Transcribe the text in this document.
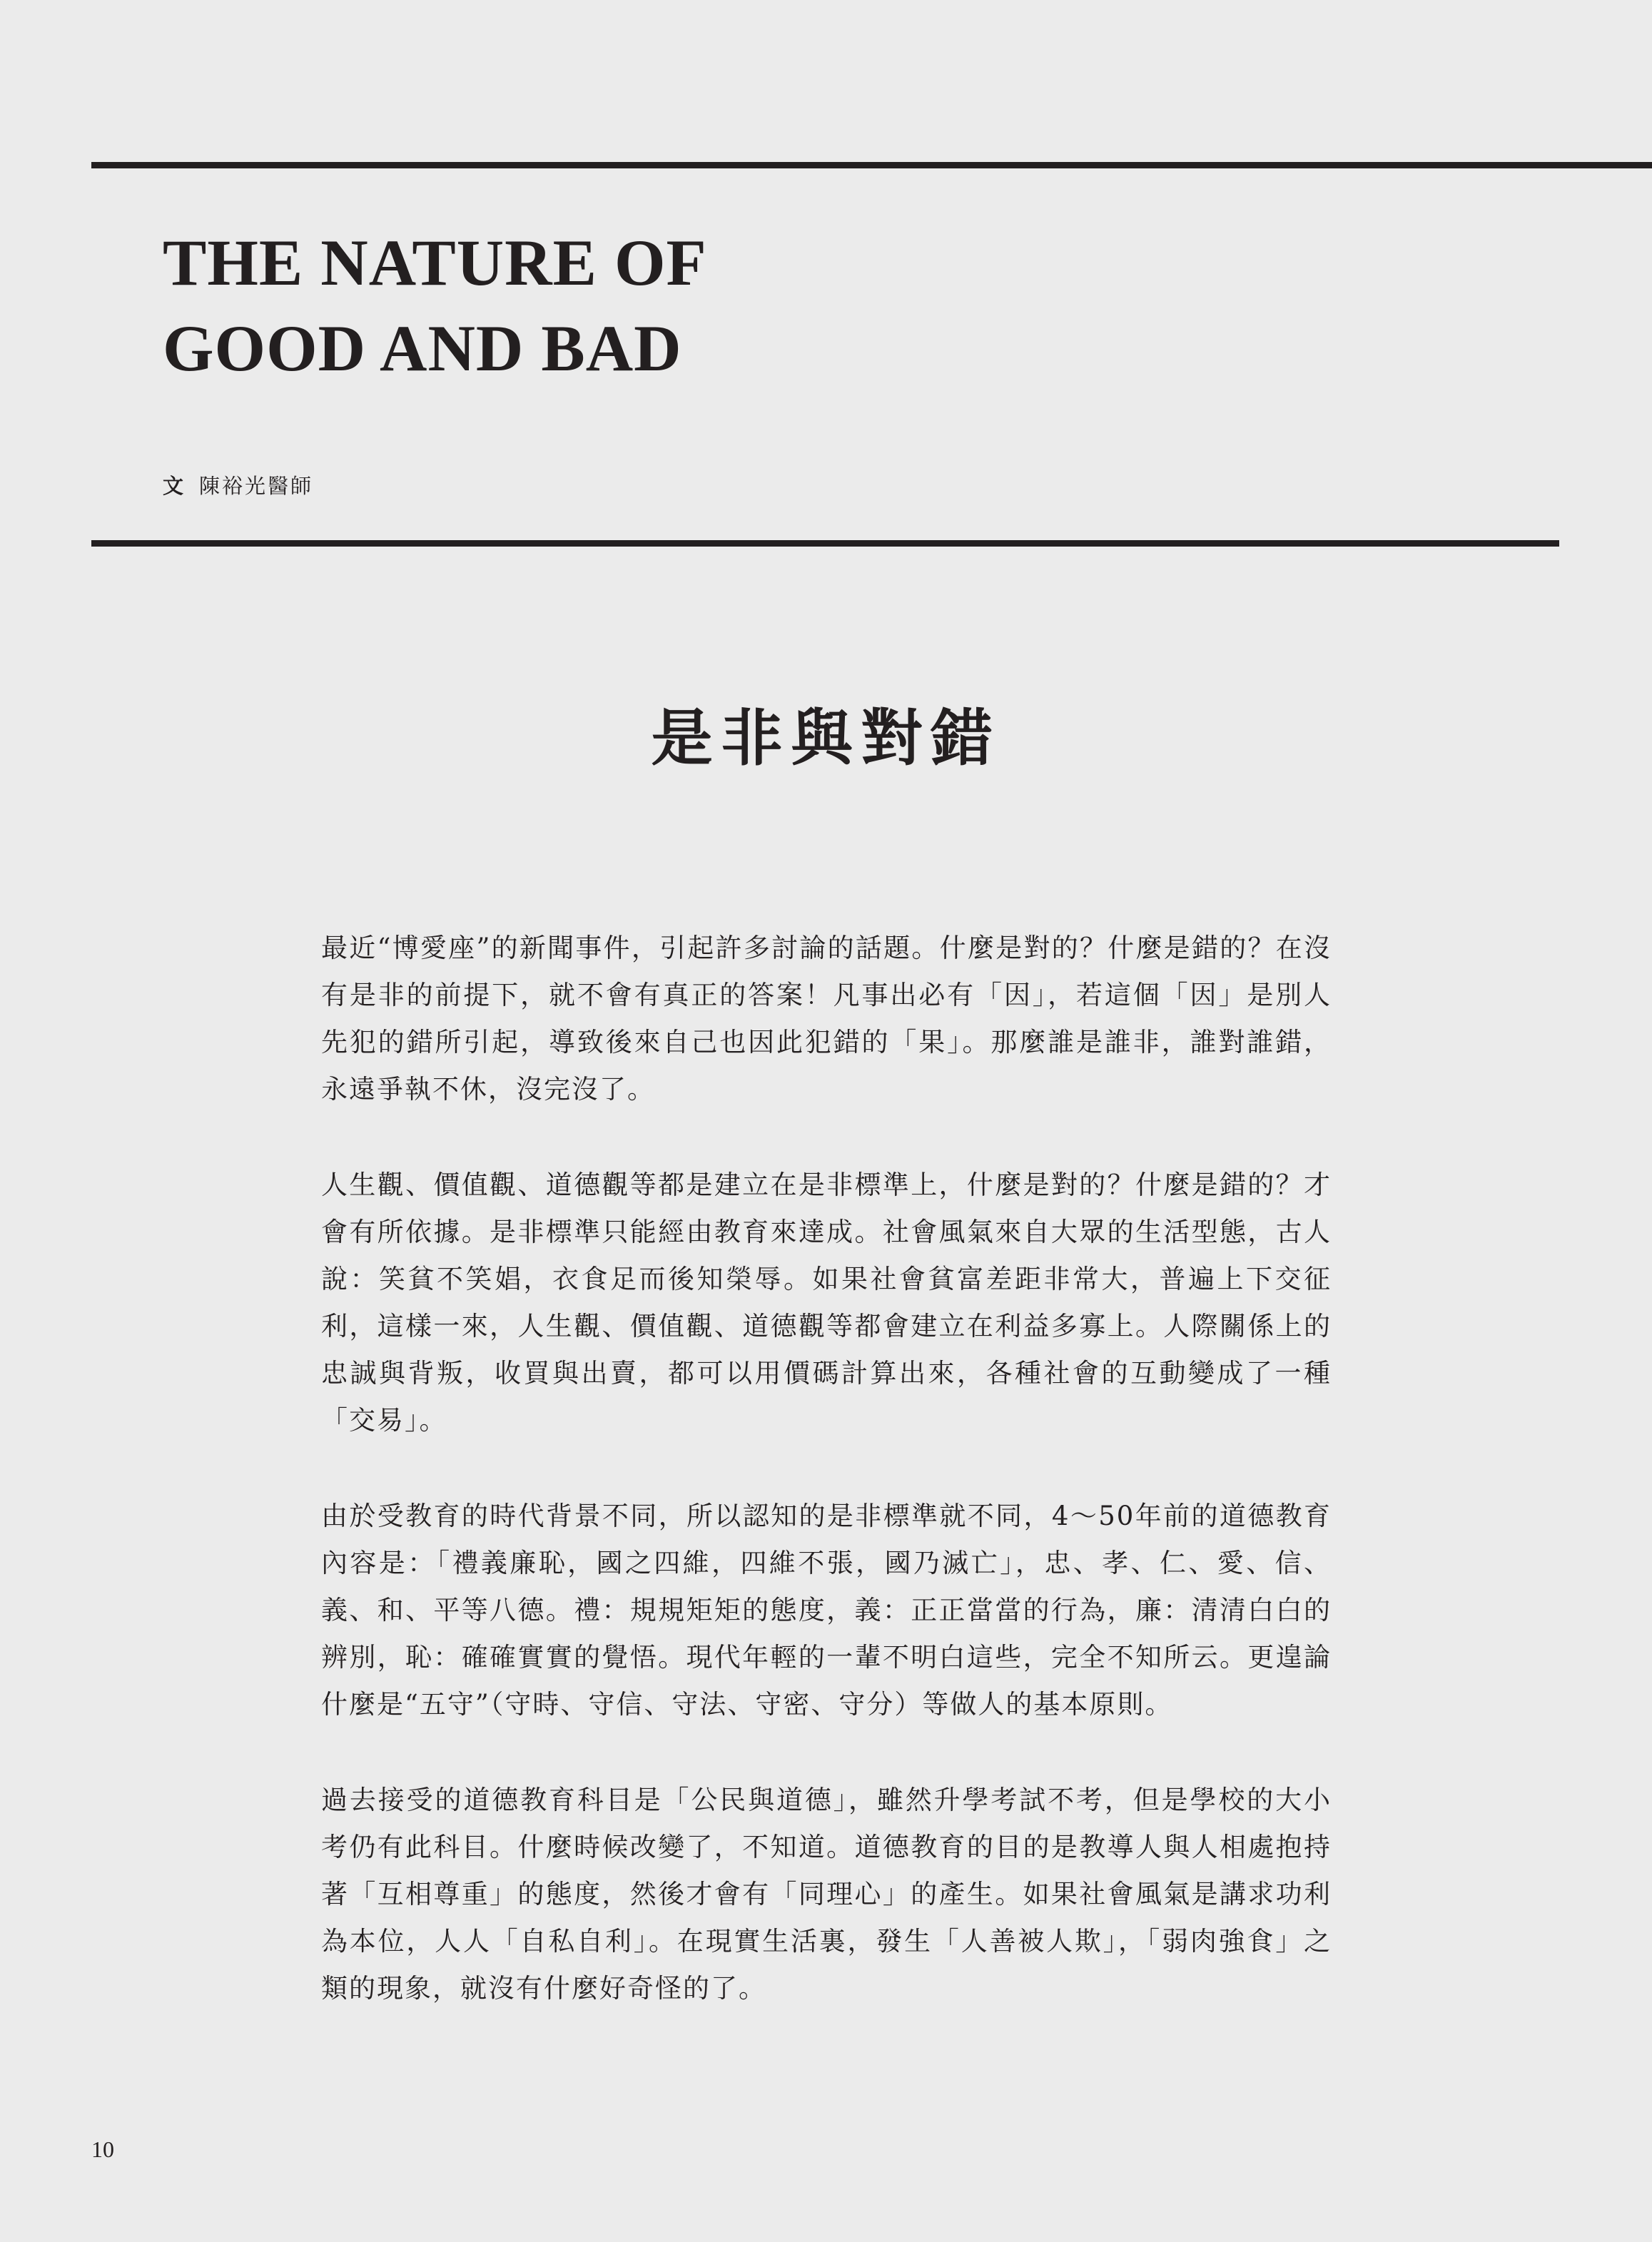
THE NATURE OF
GOOD AND BAD
文 陳裕光醫師
是非與對錯

最近“博愛座”的新聞事件，引起許多討論的話題。什麼是對的？什麼是錯的？在沒有是非的前提下，就不會有真正的答案！凡事出必有「因」，若這個「因」是別人先犯的錯所引起，導致後來自己也因此犯錯的「果」。那麼誰是誰非，誰對誰錯，永遠爭執不休，沒完沒了。

人生觀、價值觀、道德觀等都是建立在是非標準上，什麼是對的？什麼是錯的？才會有所依據。是非標準只能經由教育來達成。社會風氣來自大眾的生活型態，古人說：笑貧不笑娼，衣食足而後知榮辱。如果社會貧富差距非常大，普遍上下交征利，這樣一來，人生觀、價值觀、道德觀等都會建立在利益多寡上。人際關係上的忠誠與背叛，收買與出賣，都可以用價碼計算出來，各種社會的互動變成了一種「交易」。

由於受教育的時代背景不同，所以認知的是非標準就不同，4～50年前的道德教育內容是：「禮義廉恥，國之四維，四維不張，國乃滅亡」，忠、孝、仁、愛、信、義、和、平等八德。禮：規規矩矩的態度，義：正正當當的行為，廉：清清白白的辨別，恥：確確實實的覺悟。現代年輕的一輩不明白這些，完全不知所云。更遑論什麼是“五守”（守時、守信、守法、守密、守分）等做人的基本原則。

過去接受的道德教育科目是「公民與道德」，雖然升學考試不考，但是學校的大小考仍有此科目。什麼時候改變了，不知道。道德教育的目的是教導人與人相處抱持著「互相尊重」的態度，然後才會有「同理心」的產生。如果社會風氣是講求功利為本位，人人「自私自利」。在現實生活裏，發生「人善被人欺」，「弱肉強食」之類的現象，就沒有什麼好奇怪的了。

10
